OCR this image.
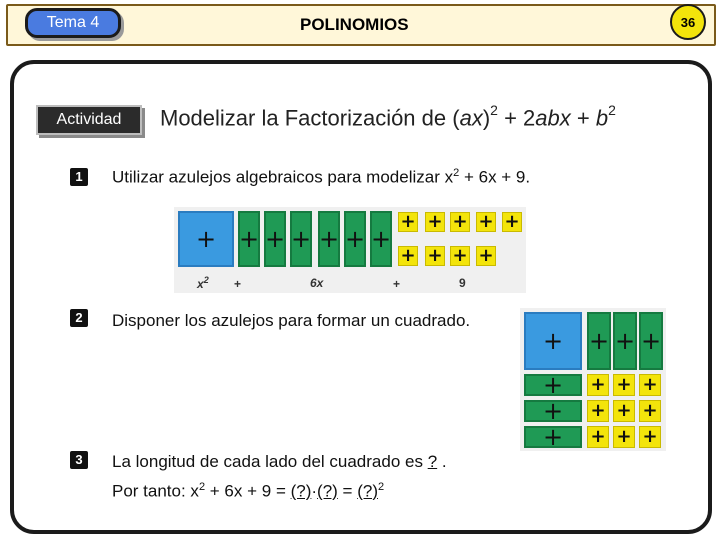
Tema 4	POLINOMIOS	36
Actividad	Modelizar la Factorización de $(ax)^2 + 2abx + b^2$
1	Utilizar azulejos algebraicos para modelizar $x^2 + 6x + 9$.
+ + + + + + +
+ + + + +
+ + + +
$x^2$ +	6x	+	9
2	Disponer los azulejos para formar un cuadrado.
+	+ + +
+
+
+
+ + +
+ + +
+ + +
3	La longitud de cada lado del cuadrado es ? .
Por tanto: $x^2 + 6x + 9$ = (?)·(?) = (?)$^2$
